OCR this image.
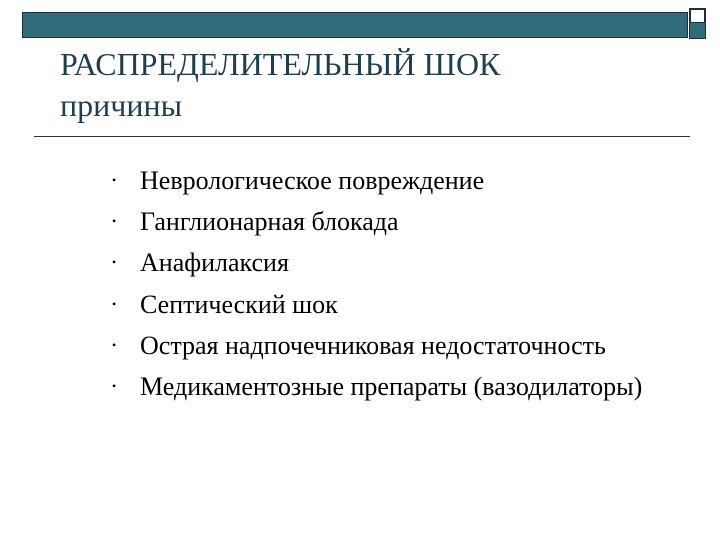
РАСПРЕДЕЛИТЕЛЬНЫЙ ШОК
причины
• Неврологическое повреждение
• Ганглионарная блокада
• Анафилаксия
• Септический шок
• Острая надпочечниковая недостаточность
• Медикаментозные препараты (вазодилаторы)
